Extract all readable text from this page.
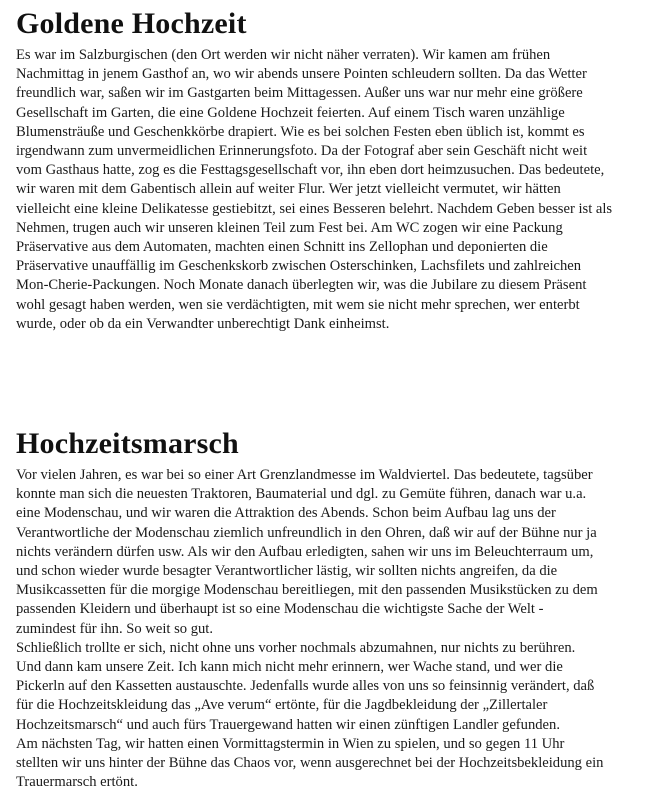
Goldene Hochzeit
Es war im Salzburgischen (den Ort werden wir nicht näher verraten). Wir kamen am frühen
Nachmittag in jenem Gasthof an, wo wir abends unsere Pointen schleudern sollten. Da das Wetter
freundlich war, saßen wir im Gastgarten beim Mittagessen. Außer uns war nur mehr eine größere
Gesellschaft im Garten, die eine Goldene Hochzeit feierten. Auf einem Tisch waren unzählige
Blumensträuße und Geschenkkörbe drapiert. Wie es bei solchen Festen eben üblich ist, kommt es
irgendwann zum unvermeidlichen Erinnerungsfoto. Da der Fotograf aber sein Geschäft nicht weit
vom Gasthaus hatte, zog es die Festtagsgesellschaft vor, ihn eben dort heimzusuchen. Das bedeutete,
wir waren mit dem Gabentisch allein auf weiter Flur. Wer jetzt vielleicht vermutet, wir hätten
vielleicht eine kleine Delikatesse gestiebitzt, sei eines Besseren belehrt. Nachdem Geben besser ist als
Nehmen, trugen auch wir unseren kleinen Teil zum Fest bei. Am WC zogen wir eine Packung
Präservative aus dem Automaten, machten einen Schnitt ins Zellophan und deponierten die
Präservative unauffällig im Geschenkskorb zwischen Osterschinken, Lachsfilets und zahlreichen
Mon-Cherie-Packungen. Noch Monate danach überlegten wir, was die Jubilare zu diesem Präsent
wohl gesagt haben werden, wen sie verdächtigten, mit wem sie nicht mehr sprechen, wer enterbt
wurde, oder ob da ein Verwandter unberechtigt Dank einheimst.
Hochzeitsmarsch
Vor vielen Jahren, es war bei so einer Art Grenzlandmesse im Waldviertel. Das bedeutete, tagsüber
konnte man sich die neuesten Traktoren, Baumaterial und dgl. zu Gemüte führen, danach war u.a.
eine Modenschau, und wir waren die Attraktion des Abends. Schon beim Aufbau lag uns der
Verantwortliche der Modenschau ziemlich unfreundlich in den Ohren, daß wir auf der Bühne nur ja
nichts verändern dürfen usw. Als wir den Aufbau erledigten, sahen wir uns im Beleuchterraum um,
und schon wieder wurde besagter Verantwortlicher lästig, wir sollten nichts angreifen, da die
Musikcassetten für die morgige Modenschau bereitliegen, mit den passenden Musikstücken zu dem
passenden Kleidern und überhaupt ist so eine Modenschau die wichtigste Sache der Welt -
zumindest für ihn. So weit so gut.
Schließlich trollte er sich, nicht ohne uns vorher nochmals abzumahnen, nur nichts zu berühren.
Und dann kam unsere Zeit. Ich kann mich nicht mehr erinnern, wer Wache stand, und wer die
Pickerln auf den Kassetten austauschte. Jedenfalls wurde alles von uns so feinsinnig verändert, daß
für die Hochzeitskleidung das „Ave verum“ ertönte, für die Jagdbekleidung der „Zillertaler
Hochzeitsmarsch“ und auch fürs Trauergewand hatten wir einen zünftigen Landler gefunden.
Am nächsten Tag, wir hatten einen Vormittagstermin in Wien zu spielen, und so gegen 11 Uhr
stellten wir uns hinter der Bühne das Chaos vor, wenn ausgerechnet bei der Hochzeitsbekleidung ein
Trauermarsch ertönt.
